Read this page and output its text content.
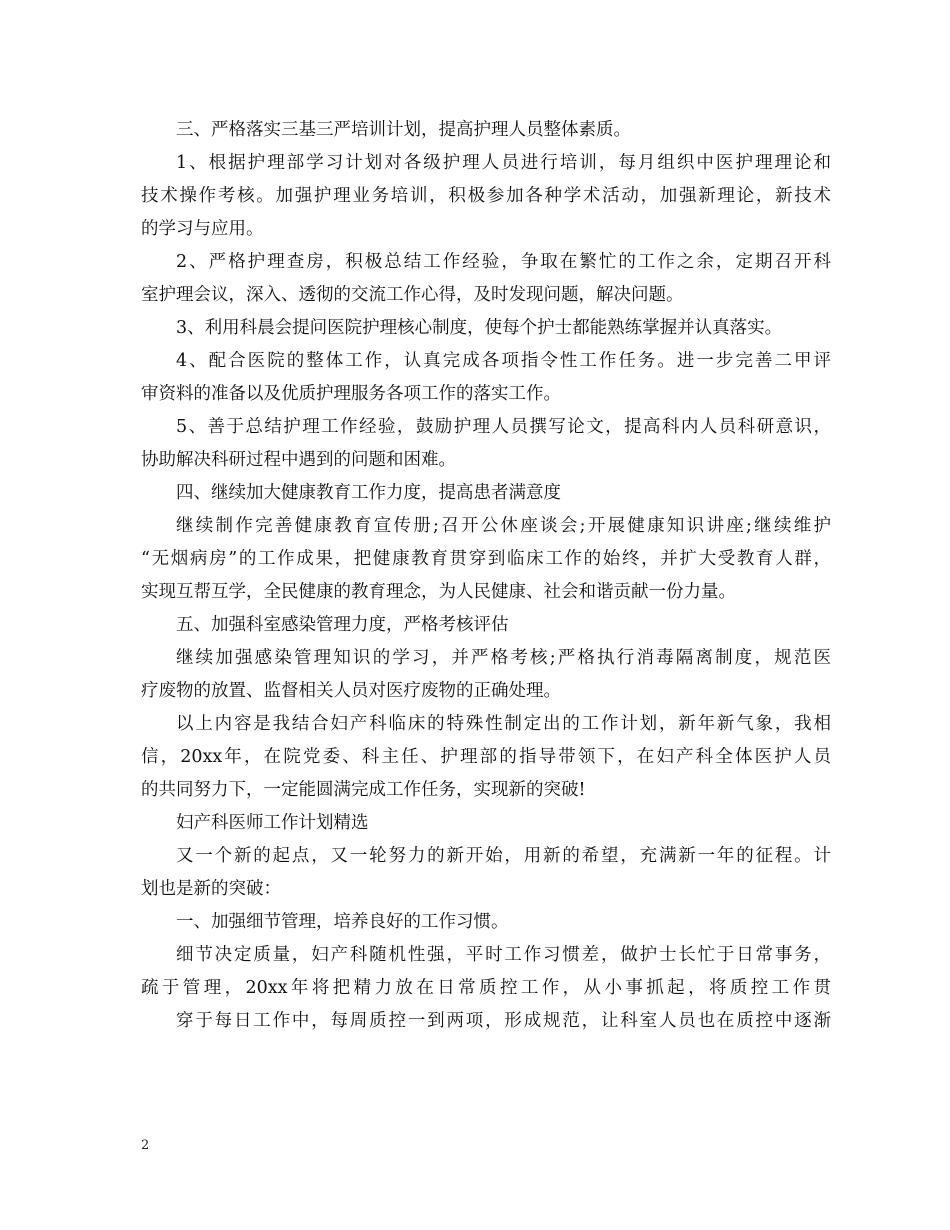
三、严格落实三基三严培训计划，提高护理人员整体素质。
1、根据护理部学习计划对各级护理人员进行培训，每月组织中医护理理论和
技术操作考核。加强护理业务培训，积极参加各种学术活动，加强新理论，新技术
的学习与应用。
2、严格护理查房，积极总结工作经验，争取在繁忙的工作之余，定期召开科
室护理会议，深入、透彻的交流工作心得，及时发现问题，解决问题。
3、利用科晨会提问医院护理核心制度，使每个护士都能熟练掌握并认真落实。
4、配合医院的整体工作，认真完成各项指令性工作任务。进一步完善二甲评
审资料的准备以及优质护理服务各项工作的落实工作。
5、善于总结护理工作经验，鼓励护理人员撰写论文，提高科内人员科研意识，
协助解决科研过程中遇到的问题和困难。
四、继续加大健康教育工作力度，提高患者满意度
继续制作完善健康教育宣传册;召开公休座谈会;开展健康知识讲座;继续维护
“无烟病房”的工作成果，把健康教育贯穿到临床工作的始终，并扩大受教育人群，
实现互帮互学，全民健康的教育理念，为人民健康、社会和谐贡献一份力量。
五、加强科室感染管理力度，严格考核评估
继续加强感染管理知识的学习，并严格考核;严格执行消毒隔离制度，规范医
疗废物的放置、监督相关人员对医疗废物的正确处理。
以上内容是我结合妇产科临床的特殊性制定出的工作计划，新年新气象，我相
信，20xx年，在院党委、科主任、护理部的指导带领下，在妇产科全体医护人员
的共同努力下，一定能圆满完成工作任务，实现新的突破!
妇产科医师工作计划精选
又一个新的起点，又一轮努力的新开始，用新的希望，充满新一年的征程。计
划也是新的突破：
一、加强细节管理，培养良好的工作习惯。
细节决定质量，妇产科随机性强，平时工作习惯差，做护士长忙于日常事务，
疏于管理，20xx年将把精力放在日常质控工作，从小事抓起，将质控工作贯
穿于每日工作中，每周质控一到两项，形成规范，让科室人员也在质控中逐渐
2
